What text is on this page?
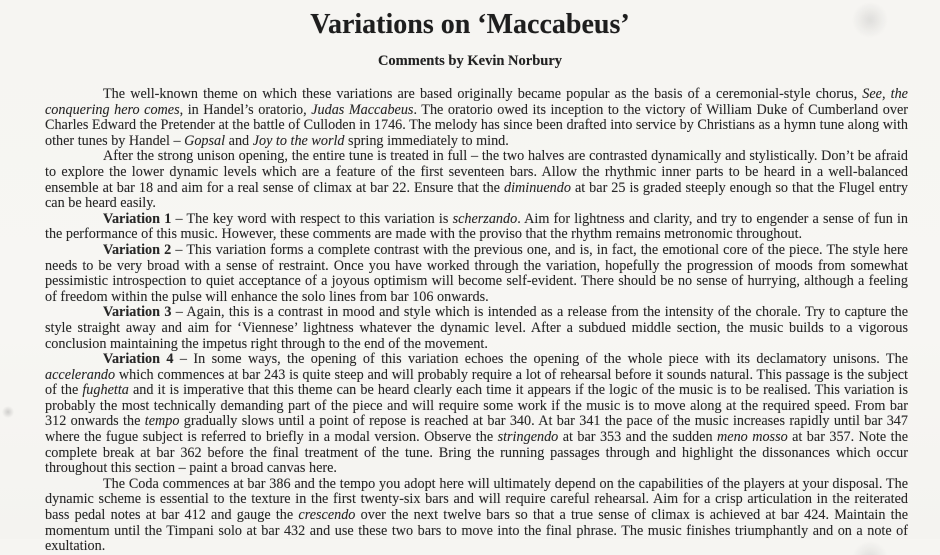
Variations on ‘Maccabeus’
Comments by Kevin Norbury

The well-known theme on which these variations are based originally became popular as the basis of a ceremonial-style chorus, See, the conquering hero comes, in Handel’s oratorio, Judas Maccabeus. The oratorio owed its inception to the victory of William Duke of Cumberland over Charles Edward the Pretender at the battle of Culloden in 1746. The melody has since been drafted into service by Christians as a hymn tune along with other tunes by Handel – Gopsal and Joy to the world spring immediately to mind.

After the strong unison opening, the entire tune is treated in full – the two halves are contrasted dynamically and stylistically. Don’t be afraid to explore the lower dynamic levels which are a feature of the first seventeen bars. Allow the rhythmic inner parts to be heard in a well-balanced ensemble at bar 18 and aim for a real sense of climax at bar 22. Ensure that the diminuendo at bar 25 is graded steeply enough so that the Flugel entry can be heard easily.

Variation 1 – The key word with respect to this variation is scherzando. Aim for lightness and clarity, and try to engender a sense of fun in the performance of this music. However, these comments are made with the proviso that the rhythm remains metronomic throughout.

Variation 2 – This variation forms a complete contrast with the previous one, and is, in fact, the emotional core of the piece. The style here needs to be very broad with a sense of restraint. Once you have worked through the variation, hopefully the progression of moods from somewhat pessimistic introspection to quiet acceptance of a joyous optimism will become self-evident. There should be no sense of hurrying, although a feeling of freedom within the pulse will enhance the solo lines from bar 106 onwards.

Variation 3 – Again, this is a contrast in mood and style which is intended as a release from the intensity of the chorale. Try to capture the style straight away and aim for ‘Viennese’ lightness whatever the dynamic level. After a subdued middle section, the music builds to a vigorous conclusion maintaining the impetus right through to the end of the movement.

Variation 4 – In some ways, the opening of this variation echoes the opening of the whole piece with its declamatory unisons. The accelerando which commences at bar 243 is quite steep and will probably require a lot of rehearsal before it sounds natural. This passage is the subject of the fughetta and it is imperative that this theme can be heard clearly each time it appears if the logic of the music is to be realised. This variation is probably the most technically demanding part of the piece and will require some work if the music is to move along at the required speed. From bar 312 onwards the tempo gradually slows until a point of repose is reached at bar 340. At bar 341 the pace of the music increases rapidly until bar 347 where the fugue subject is referred to briefly in a modal version. Observe the stringendo at bar 353 and the sudden meno mosso at bar 357. Note the complete break at bar 362 before the final treatment of the tune. Bring the running passages through and highlight the dissonances which occur throughout this section – paint a broad canvas here.

The Coda commences at bar 386 and the tempo you adopt here will ultimately depend on the capabilities of the players at your disposal. The dynamic scheme is essential to the texture in the first twenty-six bars and will require careful rehearsal. Aim for a crisp articulation in the reiterated bass pedal notes at bar 412 and gauge the crescendo over the next twelve bars so that a true sense of climax is achieved at bar 424. Maintain the momentum until the Timpani solo at bar 432 and use these two bars to move into the final phrase. The music finishes triumphantly and on a note of exultation.
